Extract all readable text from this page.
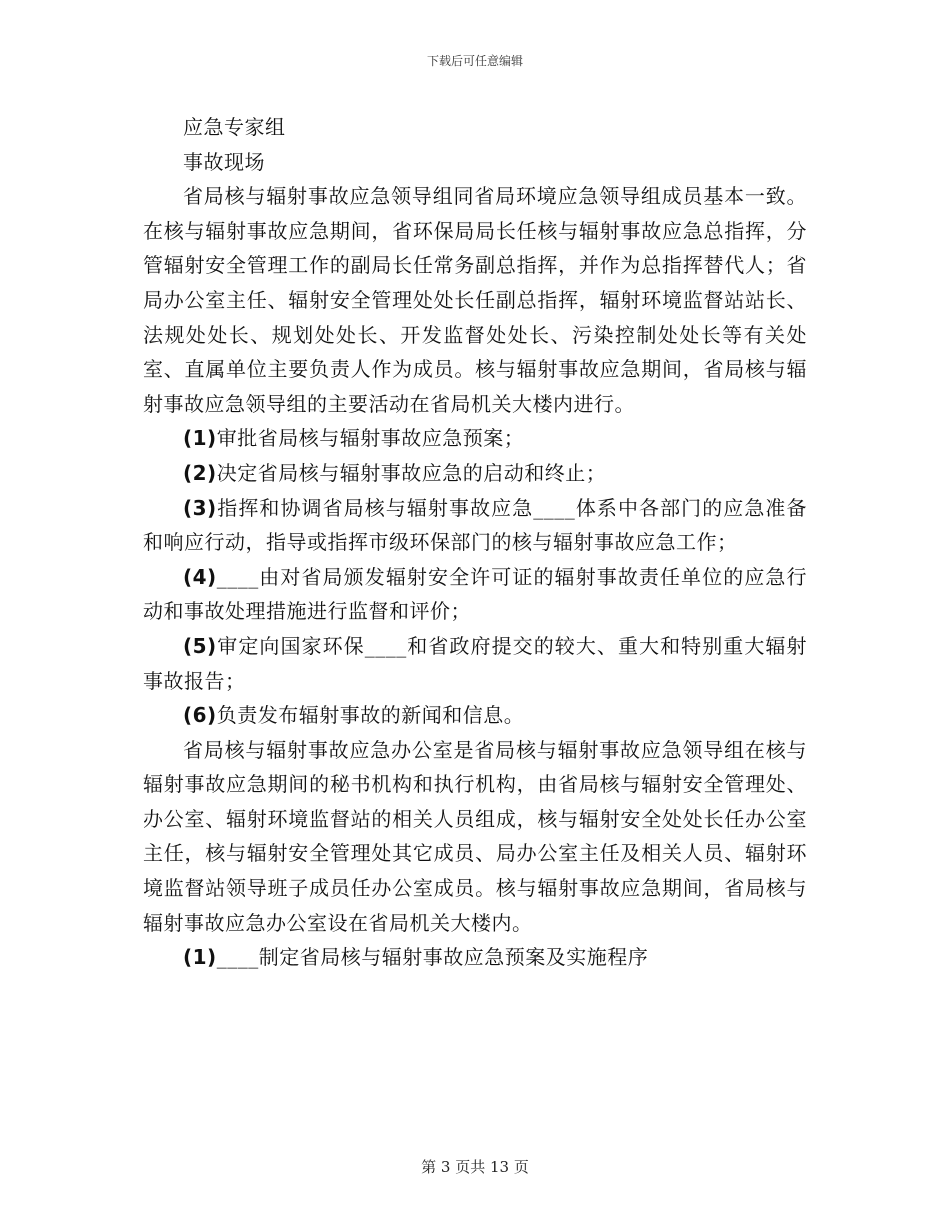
下载后可任意编辑

应急专家组

事故现场

省局核与辐射事故应急领导组同省局环境应急领导组成员基本一致。在核与辐射事故应急期间，省环保局局长任核与辐射事故应急总指挥，分管辐射安全管理工作的副局长任常务副总指挥，并作为总指挥替代人；省局办公室主任、辐射安全管理处处长任副总指挥，辐射环境监督站站长、法规处处长、规划处处长、开发监督处处长、污染控制处处长等有关处室、直属单位主要负责人作为成员。核与辐射事故应急期间，省局核与辐射事故应急领导组的主要活动在省局机关大楼内进行。

(1)审批省局核与辐射事故应急预案；

(2)决定省局核与辐射事故应急的启动和终止；

(3)指挥和协调省局核与辐射事故应急____体系中各部门的应急准备和响应行动，指导或指挥市级环保部门的核与辐射事故应急工作；

(4)____由对省局颁发辐射安全许可证的辐射事故责任单位的应急行动和事故处理措施进行监督和评价；

(5)审定向国家环保____和省政府提交的较大、重大和特别重大辐射事故报告；

(6)负责发布辐射事故的新闻和信息。

省局核与辐射事故应急办公室是省局核与辐射事故应急领导组在核与辐射事故应急期间的秘书机构和执行机构，由省局核与辐射安全管理处、办公室、辐射环境监督站的相关人员组成，核与辐射安全处处长任办公室主任，核与辐射安全管理处其它成员、局办公室主任及相关人员、辐射环境监督站领导班子成员任办公室成员。核与辐射事故应急期间，省局核与辐射事故应急办公室设在省局机关大楼内。

(1)____制定省局核与辐射事故应急预案及实施程序

第 3 页共 13 页
